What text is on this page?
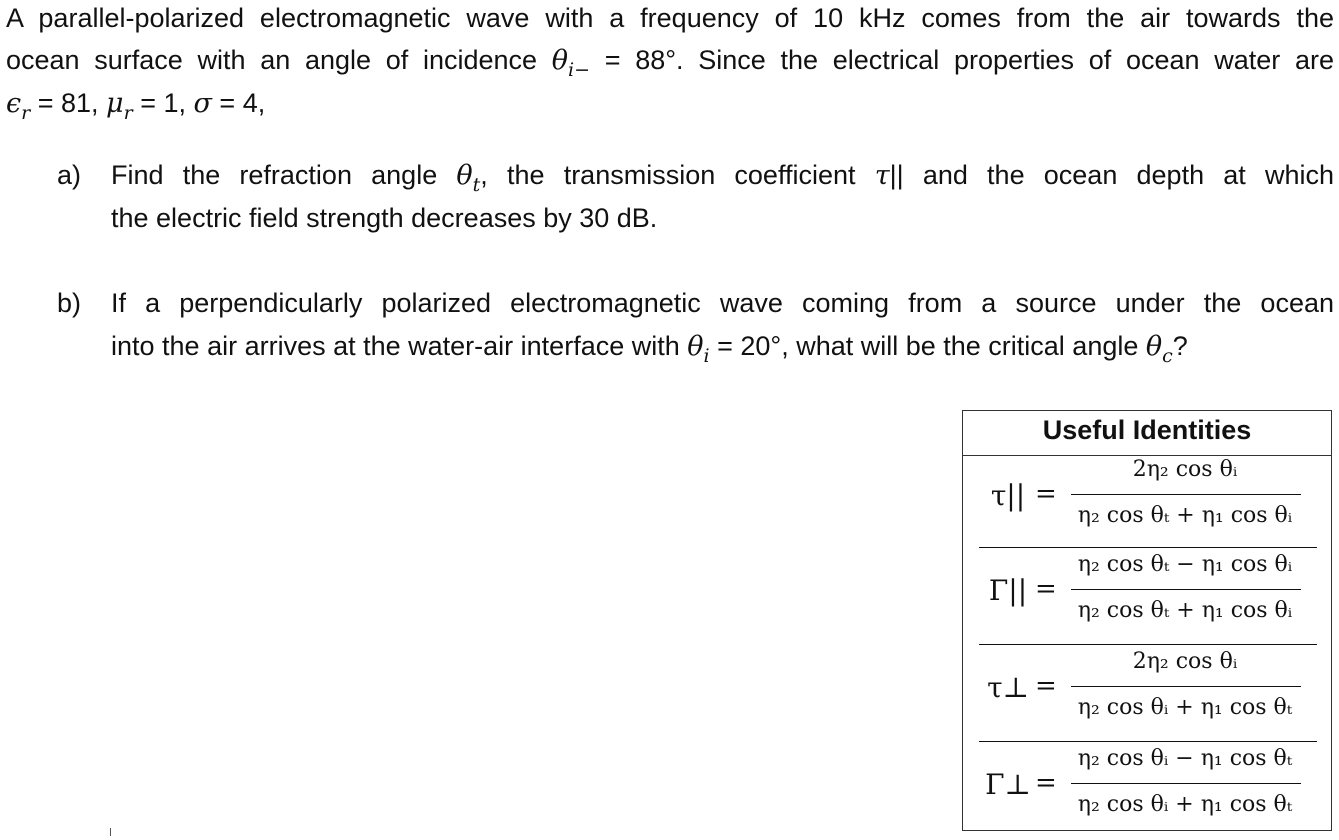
A parallel-polarized electromagnetic wave with a frequency of 10 kHz comes from the air towards the
ocean surface with an angle of incidence $\theta_{i-} = 88^\circ$. Since the electrical properties of ocean water are
$\epsilon_r = 81$, $\mu_r = 1$, σ = 4,
a) Find the refraction angle $\theta_t$, the transmission coefficient τ|| and the ocean depth at which
the electric field strength decreases by 30 dB.
b) If a perpendicularly polarized electromagnetic wave coming from a source under the ocean
into the air arrives at the water-air interface with $\theta_i = 20^\circ$, what will be the critical angle $\theta_c$?
Useful Identities
τ|| =
2η₂ cos θᵢ
η₂ cos θₜ + η₁ cos θᵢ
Γ|| =
η₂ cos θₜ − η₁ cos θᵢ
η₂ cos θₜ + η₁ cos θᵢ
τ⊥ =
2η₂ cos θᵢ
η₂ cos θᵢ + η₁ cos θₜ
Γ⊥ =
η₂ cos θᵢ − η₁ cos θₜ
η₂ cos θᵢ + η₁ cos θₜ
